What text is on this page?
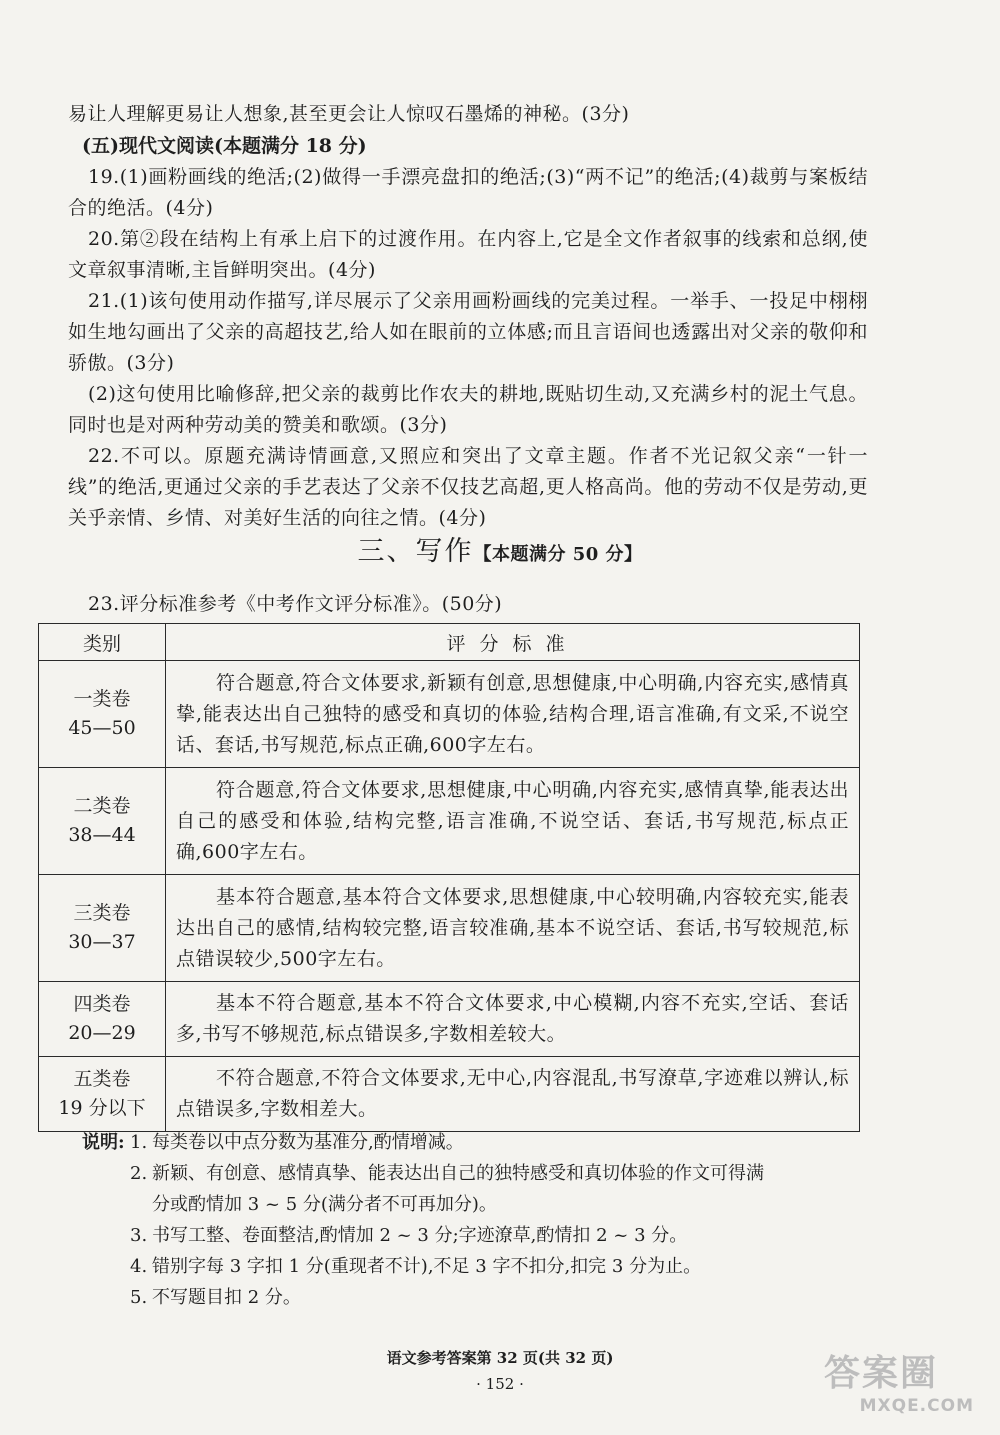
易让人理解更易让人想象,甚至更会让人惊叹石墨烯的神秘。(3分)
(五)现代文阅读(本题满分 18 分)
19.(1)画粉画线的绝活;(2)做得一手漂亮盘扣的绝活;(3)“两不记”的绝活;(4)裁剪与案板结合的绝活。(4分)
20.第②段在结构上有承上启下的过渡作用。在内容上,它是全文作者叙事的线索和总纲,使文章叙事清晰,主旨鲜明突出。(4分)
21.(1)该句使用动作描写,详尽展示了父亲用画粉画线的完美过程。一举手、一投足中栩栩如生地勾画出了父亲的高超技艺,给人如在眼前的立体感;而且言语间也透露出对父亲的敬仰和骄傲。(3分)
(2)这句使用比喻修辞,把父亲的裁剪比作农夫的耕地,既贴切生动,又充满乡村的泥土气息。同时也是对两种劳动美的赞美和歌颂。(3分)
22.不可以。原题充满诗情画意,又照应和突出了文章主题。作者不光记叙父亲“一针一线”的绝活,更通过父亲的手艺表达了父亲不仅技艺高超,更人格高尚。他的劳动不仅是劳动,更关乎亲情、乡情、对美好生活的向往之情。(4分)
三、写作【本题满分 50 分】
23.评分标准参考《中考作文评分标准》。(50分)
类别	评分标准

一类卷
45—50	符合题意,符合文体要求,新颖有创意,思想健康,中心明确,内容充实,感情真挚,能表达出自己独特的感受和真切的体验,结构合理,语言准确,有文采,不说空话、套话,书写规范,标点正确,600字左右。

二类卷
38—44	符合题意,符合文体要求,思想健康,中心明确,内容充实,感情真挚,能表达出自己的感受和体验,结构完整,语言准确,不说空话、套话,书写规范,标点正确,600字左右。

三类卷
30—37	基本符合题意,基本符合文体要求,思想健康,中心较明确,内容较充实,能表达出自己的感情,结构较完整,语言较准确,基本不说空话、套话,书写较规范,标点错误较少,500字左右。

四类卷
20—29	基本不符合题意,基本不符合文体要求,中心模糊,内容不充实,空话、套话多,书写不够规范,标点错误多,字数相差较大。

五类卷
19 分以下	不符合题意,不符合文体要求,无中心,内容混乱,书写潦草,字迹难以辨认,标点错误多,字数相差大。
说明: 1. 每类卷以中点分数为基准分,酌情增减。
2. 新颖、有创意、感情真挚、能表达出自己的独特感受和真切体验的作文可得满
分或酌情加 3 ~ 5 分(满分者不可再加分)。
3. 书写工整、卷面整洁,酌情加 2 ~ 3 分;字迹潦草,酌情扣 2 ~ 3 分。
4. 错别字每 3 字扣 1 分(重现者不计),不足 3 字不扣分,扣完 3 分为止。
5. 不写题目扣 2 分。
语文参考答案第 32 页(共 32 页)
· 152 ·	答案圈
MXQE.COM
